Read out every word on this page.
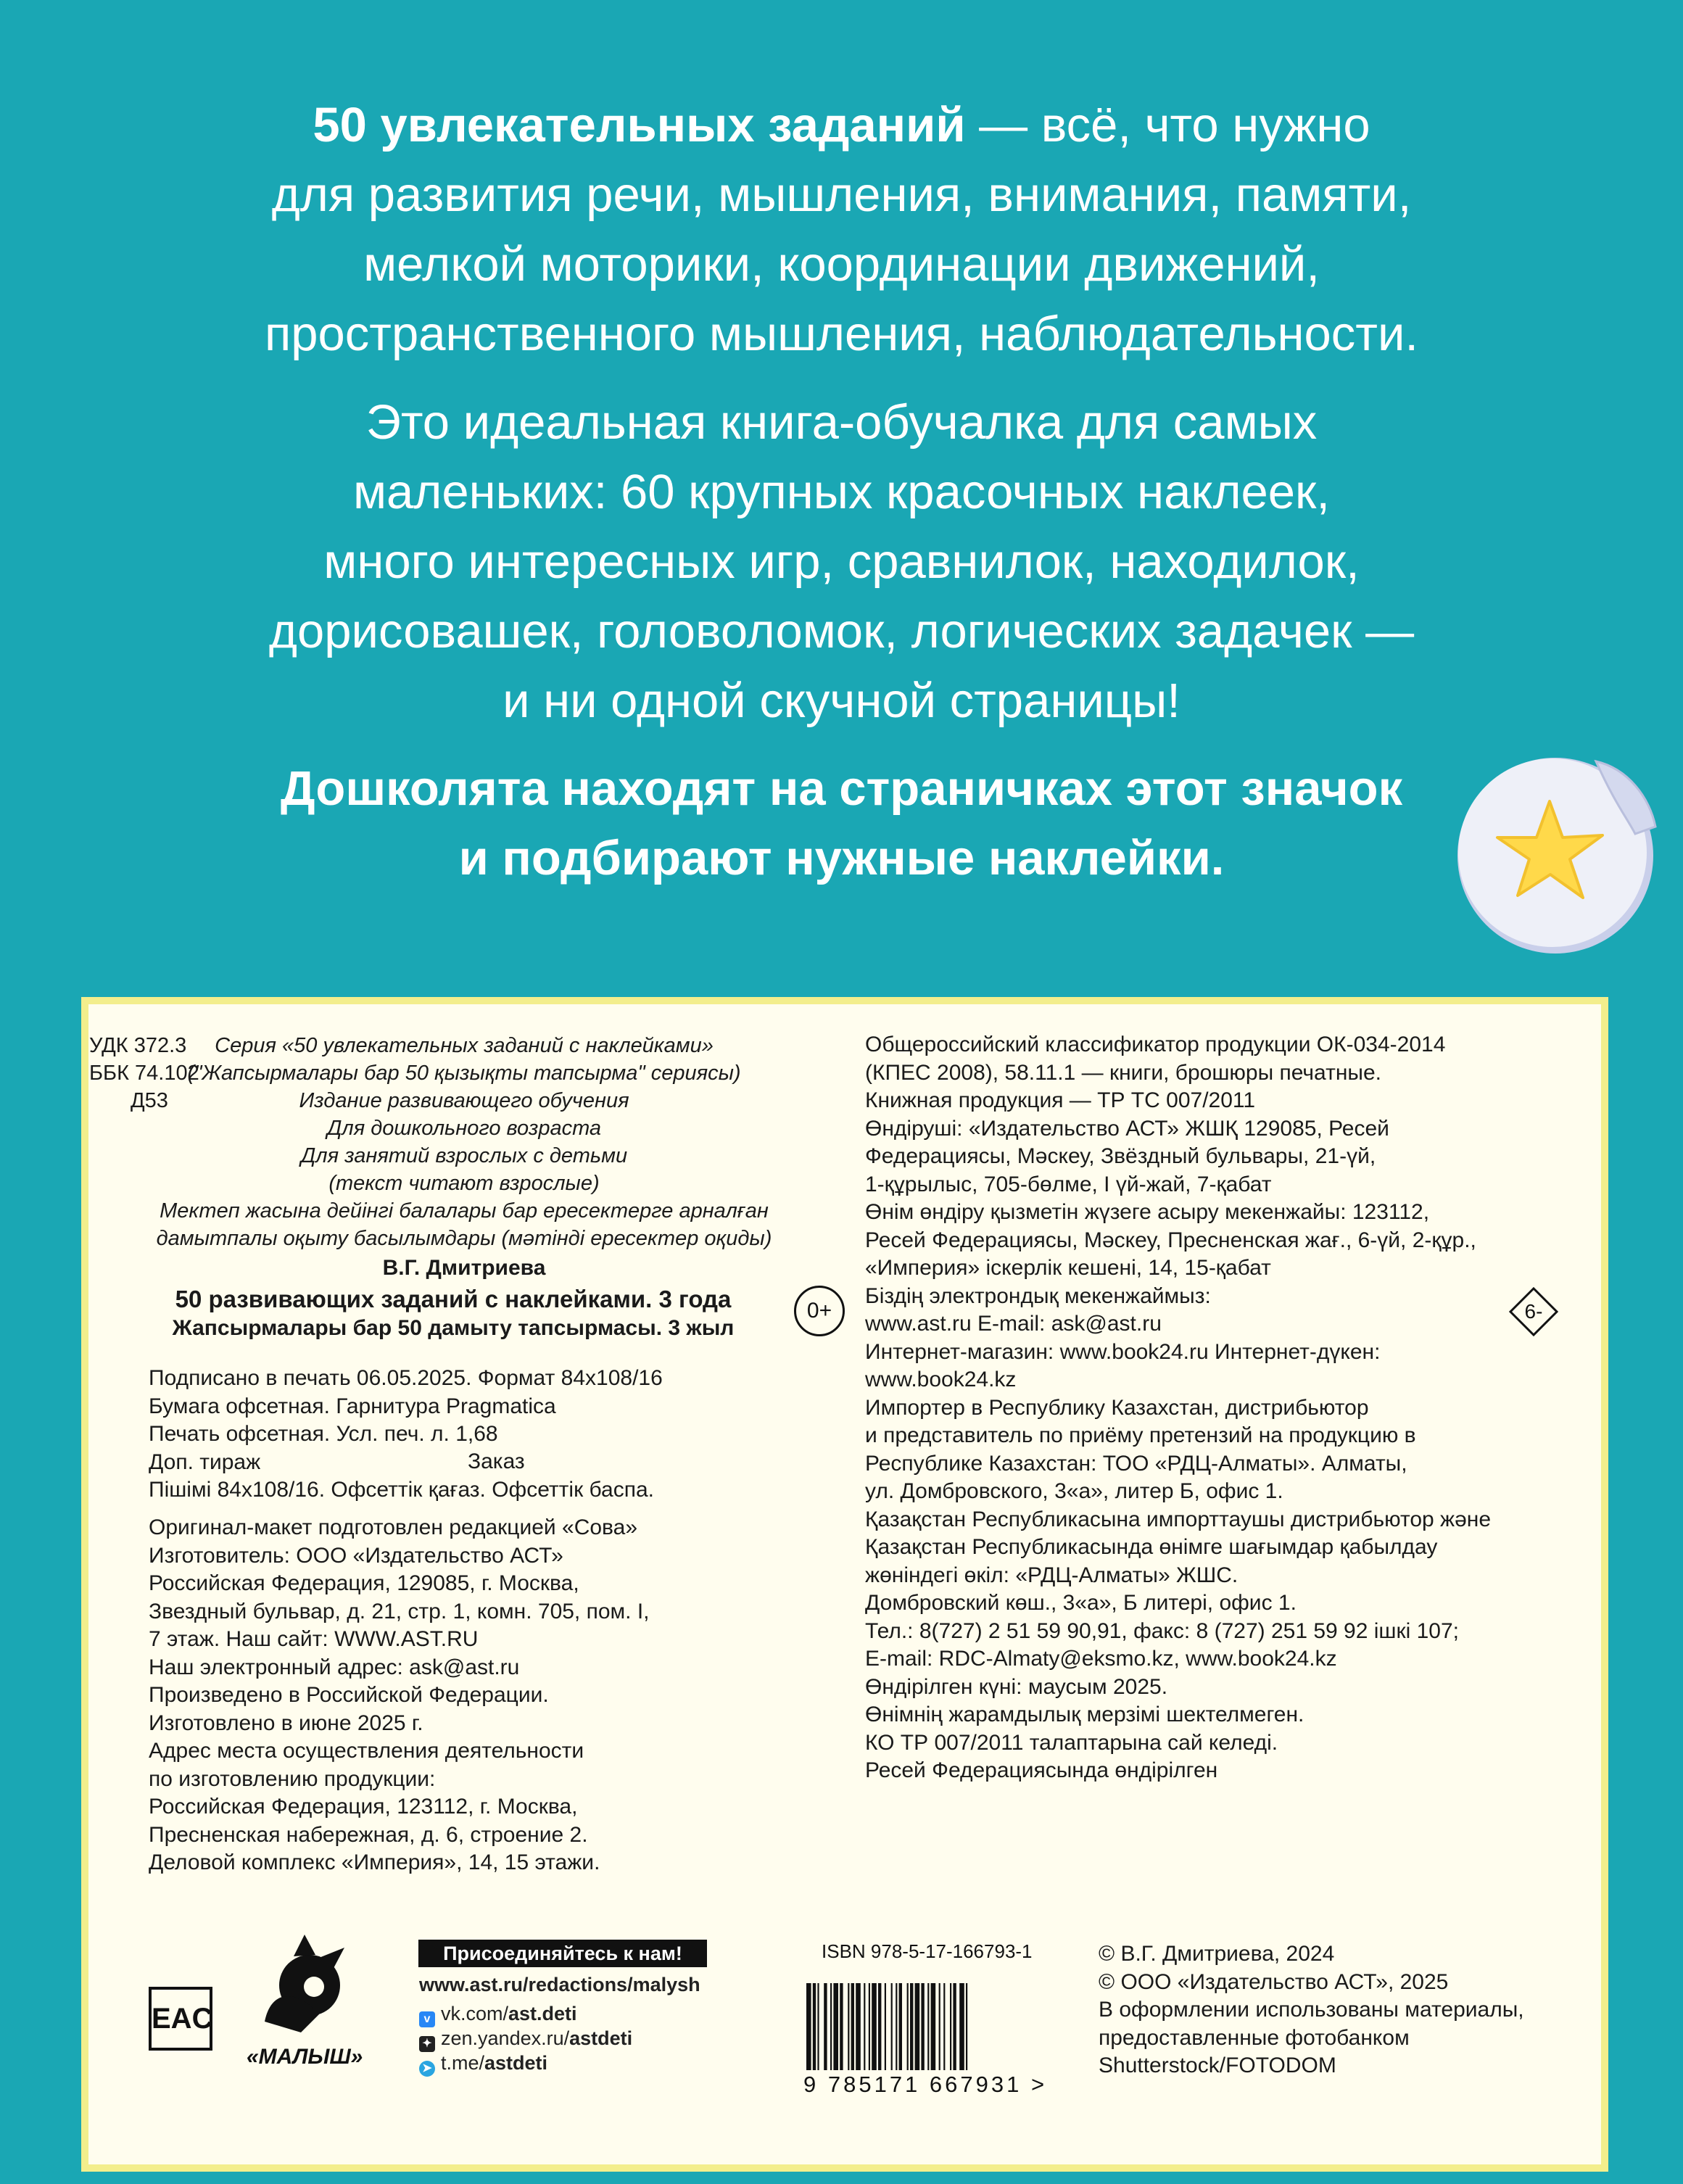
50 увлекательных заданий — всё, что нужно

для развития речи, мышления, внимания, памяти,

мелкой моторики, координации движений,

пространственного мышления, наблюдательности.

Это идеальная книга-обучалка для самых

маленьких: 60 крупных красочных наклеек,

много интересных игр, сравнилок, находилок,

дорисовашек, головоломок, логических задачек —

и ни одной скучной страницы!

Дошколята находят на страничках этот значок

и подбирают нужные наклейки.

УДК 372.3
ББК 74.102
Д53
Серия «50 увлекательных заданий с наклейками»
("Жапсырмалары бар 50 қызықты тапсырма" сериясы)
Издание развивающего обучения
Для дошкольного возраста
Для занятий взрослых с детьми
(текст читают взрослые)
Мектеп жасына дейінгі балалары бар ересектерге арналған
дамытпалы оқыту басылымдары (мәтінді ересектер оқиды)
В.Г. Дмитриева
50 развивающих заданий с наклейками. 3 года
Жапсырмалары бар 50 дамыту тапсырмасы. 3 жыл
0+	6-
Подписано в печать 06.05.2025. Формат 84x108/16
Бумага офсетная. Гарнитура Pragmatica
Печать офсетная. Усл. печ. л. 1,68
Доп. тираж
Пішімі 84x108/16. Офсеттік қағаз. Офсеттік баспа.
Заказ
Оригинал-макет подготовлен редакцией «Сова»
Изготовитель: ООО «Издательство АСТ»
Российская Федерация, 129085, г. Москва,
Звездный бульвар, д. 21, стр. 1, комн. 705, пом. I,
7 этаж. Наш сайт: WWW.AST.RU
Наш электронный адрес: ask@ast.ru
Произведено в Российской Федерации.
Изготовлено в июне 2025 г.
Адрес места осуществления деятельности
по изготовлению продукции:
Российская Федерация, 123112, г. Москва,
Пресненская набережная, д. 6, строение 2.
Деловой комплекс «Империя», 14, 15 этажи.
Общероссийский классификатор продукции ОК-034-2014
(КПЕС 2008), 58.11.1 — книги, брошюры печатные.
Книжная продукция — ТР ТС 007/2011
Өндіруші: «Издательство АСТ» ЖШҚ 129085, Ресей
Федерациясы, Мәскеу, Звёздный бульвары, 21-үй,
1-құрылыс, 705-бөлме, I үй-жай, 7-қабат
Өнім өндіру қызметін жүзеге асыру мекенжайы: 123112,
Ресей Федерациясы, Мәскеу, Пресненская жағ., 6-үй, 2-құр.,
«Империя» іскерлік кешені, 14, 15-қабат
Біздің электрондық мекенжаймыз:
www.ast.ru E-mail: ask@ast.ru
Интернет-магазин: www.book24.ru Интернет-дүкен:
www.book24.kz
Импортер в Республику Казахстан, дистрибьютор
и представитель по приёму претензий на продукцию в
Республике Казахстан: ТОО «РДЦ-Алматы». Алматы,
ул. Домбровского, 3«а», литер Б, офис 1.
Қазақстан Республикасына импорттаушы дистрибьютор және
Қазақстан Республикасында өнімге шағымдар қабылдау
жөніндегі өкіл: «РДЦ-Алматы» ЖШС.
Домбровский көш., 3«а», Б литері, офис 1.
Тел.: 8(727) 2 51 59 90,91, факс: 8 (727) 251 59 92 ішкі 107;
E-mail: RDC-Almaty@eksmo.kz, www.book24.kz
Өндірілген күні: маусым 2025.
Өнімнің жарамдылық мерзімі шектелмеген.
КО ТР 007/2011 талаптарына сай келеді.
Ресей Федерациясында өндірілген
EAC
«МАЛЫШ»
Присоединяйтесь к нам!
www.ast.ru/redactions/malysh
v vk.com/ast.deti
✦ zen.yandex.ru/astdeti
➤ t.me/astdeti
ISBN 978-5-17-166793-1
9 785171 667931 >
© В.Г. Дмитриева, 2024
© ООО «Издательство АСТ», 2025
В оформлении использованы материалы,
предоставленные фотобанком
Shutterstock/FOTODOM
